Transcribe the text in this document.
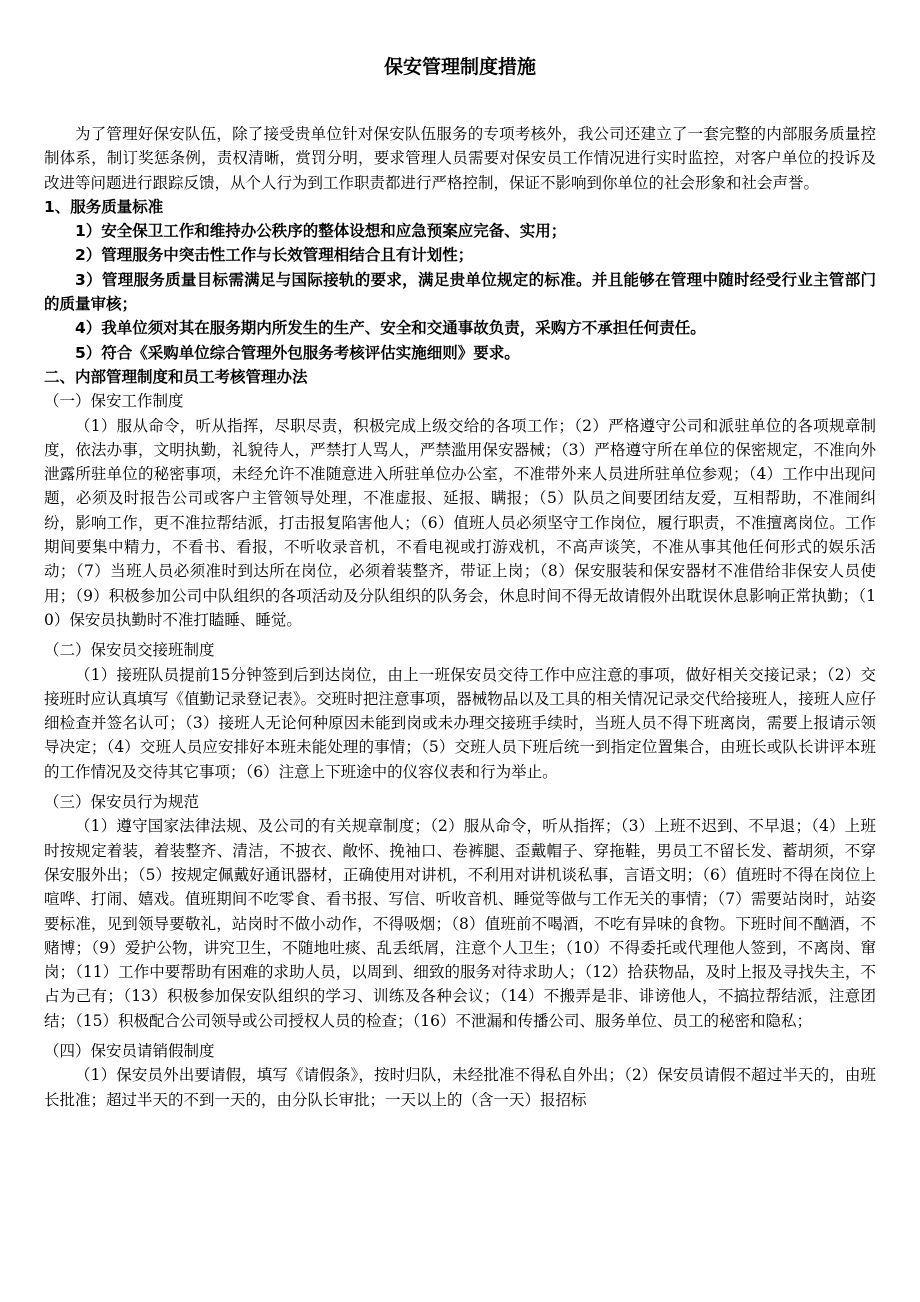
保安管理制度措施

为了管理好保安队伍，除了接受贵单位针对保安队伍服务的专项考核外，我公司还建立了一套完整的内部服务质量控制体系，制订奖惩条例，责权清晰，赏罚分明，要求管理人员需要对保安员工作情况进行实时监控，对客户单位的投诉及改进等问题进行跟踪反馈，从个人行为到工作职责都进行严格控制，保证不影响到你单位的社会形象和社会声誉。

1、服务质量标准

1）安全保卫工作和维持办公秩序的整体设想和应急预案应完备、实用；

2）管理服务中突击性工作与长效管理相结合且有计划性；

3）管理服务质量目标需满足与国际接轨的要求，满足贵单位规定的标准。并且能够在管理中随时经受行业主管部门的质量审核；

4）我单位须对其在服务期内所发生的生产、安全和交通事故负责，采购方不承担任何责任。

5）符合《采购单位综合管理外包服务考核评估实施细则》要求。

二、内部管理制度和员工考核管理办法

（一）保安工作制度

（1）服从命令，听从指挥，尽职尽责，积极完成上级交给的各项工作；（2）严格遵守公司和派驻单位的各项规章制度，依法办事，文明执勤，礼貌待人，严禁打人骂人，严禁滥用保安器械；（3）严格遵守所在单位的保密规定，不准向外泄露所驻单位的秘密事项，未经允许不准随意进入所驻单位办公室，不准带外来人员进所驻单位参观；（4）工作中出现问题，必须及时报告公司或客户主管领导处理，不准虚报、延报、瞒报；（5）队员之间要团结友爱，互相帮助，不准闹纠纷，影响工作，更不准拉帮结派，打击报复陷害他人；（6）值班人员必须坚守工作岗位，履行职责，不准擅离岗位。工作期间要集中精力，不看书、看报，不听收录音机，不看电视或打游戏机，不高声谈笑，不准从事其他任何形式的娱乐活动；（7）当班人员必须准时到达所在岗位，必须着装整齐，带证上岗；（8）保安服装和保安器材不准借给非保安人员使用；（9）积极参加公司中队组织的各项活动及分队组织的队务会，休息时间不得无故请假外出耽误休息影响正常执勤；（10）保安员执勤时不准打瞌睡、睡觉。

（二）保安员交接班制度

（1）接班队员提前15分钟签到后到达岗位，由上一班保安员交待工作中应注意的事项，做好相关交接记录；（2）交接班时应认真填写《值勤记录登记表》。交班时把注意事项，器械物品以及工具的相关情况记录交代给接班人，接班人应仔细检查并签名认可；（3）接班人无论何种原因未能到岗或未办理交接班手续时，当班人员不得下班离岗，需要上报请示领导决定；（4）交班人员应安排好本班未能处理的事情；（5）交班人员下班后统一到指定位置集合，由班长或队长讲评本班的工作情况及交待其它事项；（6）注意上下班途中的仪容仪表和行为举止。

（三）保安员行为规范

（1）遵守国家法律法规、及公司的有关规章制度；（2）服从命令，听从指挥；（3）上班不迟到、不早退；（4）上班时按规定着装，着装整齐、清洁，不披衣、敞怀、挽袖口、卷裤腿、歪戴帽子、穿拖鞋，男员工不留长发、蓄胡须，不穿保安服外出；（5）按规定佩戴好通讯器材，正确使用对讲机，不利用对讲机谈私事，言语文明；（6）值班时不得在岗位上喧哗、打闹、嬉戏。值班期间不吃零食、看书报、写信、听收音机、睡觉等做与工作无关的事情；（7）需要站岗时，站姿要标准，见到领导要敬礼，站岗时不做小动作，不得吸烟；（8）值班前不喝酒，不吃有异味的食物。下班时间不酗酒，不赌博；（9）爱护公物，讲究卫生，不随地吐痰、乱丢纸屑，注意个人卫生；（10）不得委托或代理他人签到，不离岗、窜岗；（11）工作中要帮助有困难的求助人员，以周到、细致的服务对待求助人；（12）拾获物品，及时上报及寻找失主，不占为己有；（13）积极参加保安队组织的学习、训练及各种会议；（14）不搬弄是非、诽谤他人，不搞拉帮结派，注意团结；（15）积极配合公司领导或公司授权人员的检查；（16）不泄漏和传播公司、服务单位、员工的秘密和隐私；

（四）保安员请销假制度

（1）保安员外出要请假，填写《请假条》，按时归队，未经批准不得私自外出；（2）保安员请假不超过半天的，由班长批准；超过半天的不到一天的，由分队长审批；一天以上的（含一天）报招标
